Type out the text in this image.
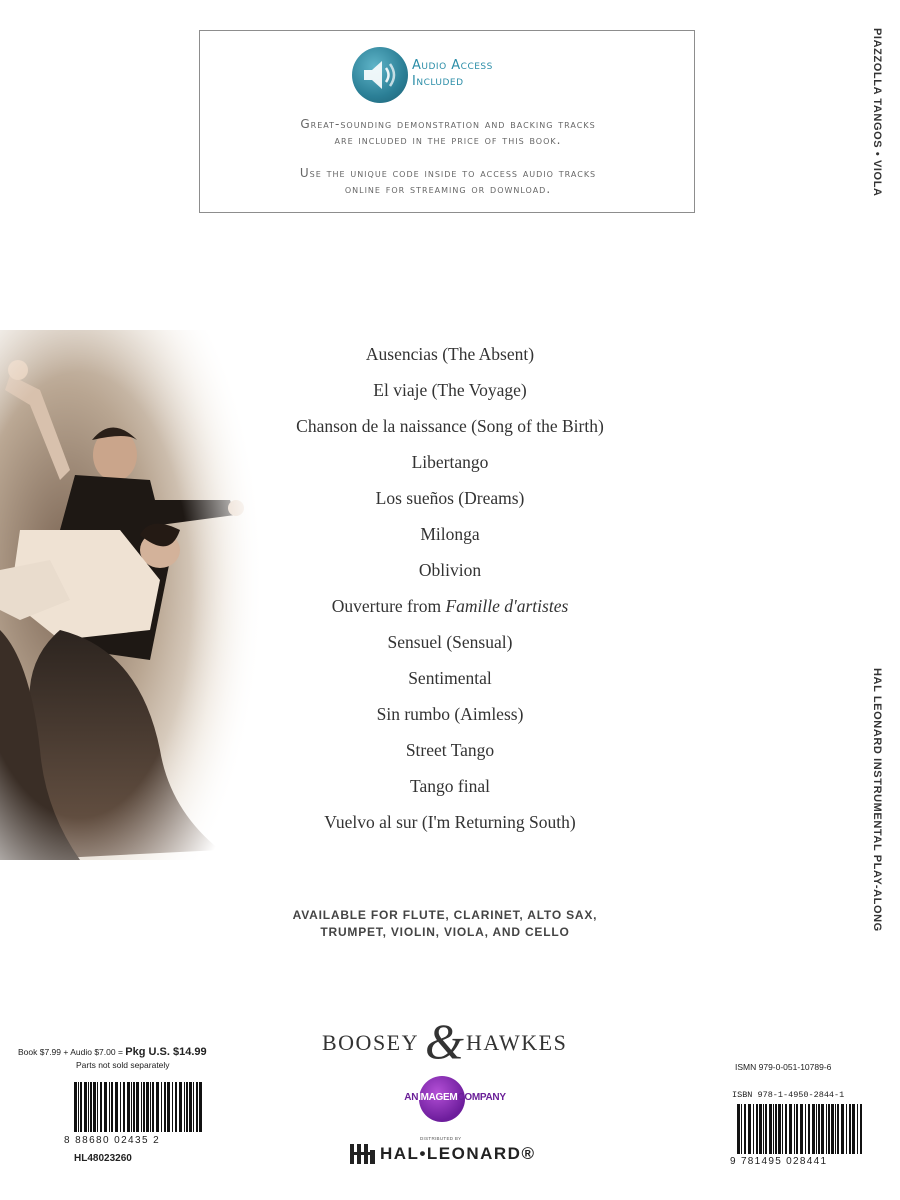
Audio Access
Included
Great-sounding demonstration and backing tracks
are included in the price of this book.
Use the unique code inside to access audio tracks
online for streaming or download.	PIAZZOLLA TANGOS • VIOLA
HAL LEONARD INSTRUMENTAL PLAY-ALONG
Ausencias (The Absent)
El viaje (The Voyage)
Chanson de la naissance (Song of the Birth)
Libertango
Los sueños (Dreams)
Milonga
Oblivion
Ouverture from Famille d'artistes
Sensuel (Sensual)
Sentimental
Sin rumbo (Aimless)
Street Tango
Tango final
Vuelvo al sur (I'm Returning South)
AVAILABLE FOR FLUTE, CLARINET, ALTO SAX,
TRUMPET, VIOLIN, VIOLA, AND CELLO
Book $7.99 + Audio $7.00 = Pkg U.S. $14.99
Parts not sold separately
8 88680 02435 2
HL48023260
BOOSEY & HAWKES
ANIMAGEMCOMPANY
DISTRIBUTED BY
HAL•LEONARD®
ISMN 979-0-051-10789-6
ISBN 978-1-4950-2844-1
9 781495 028441
